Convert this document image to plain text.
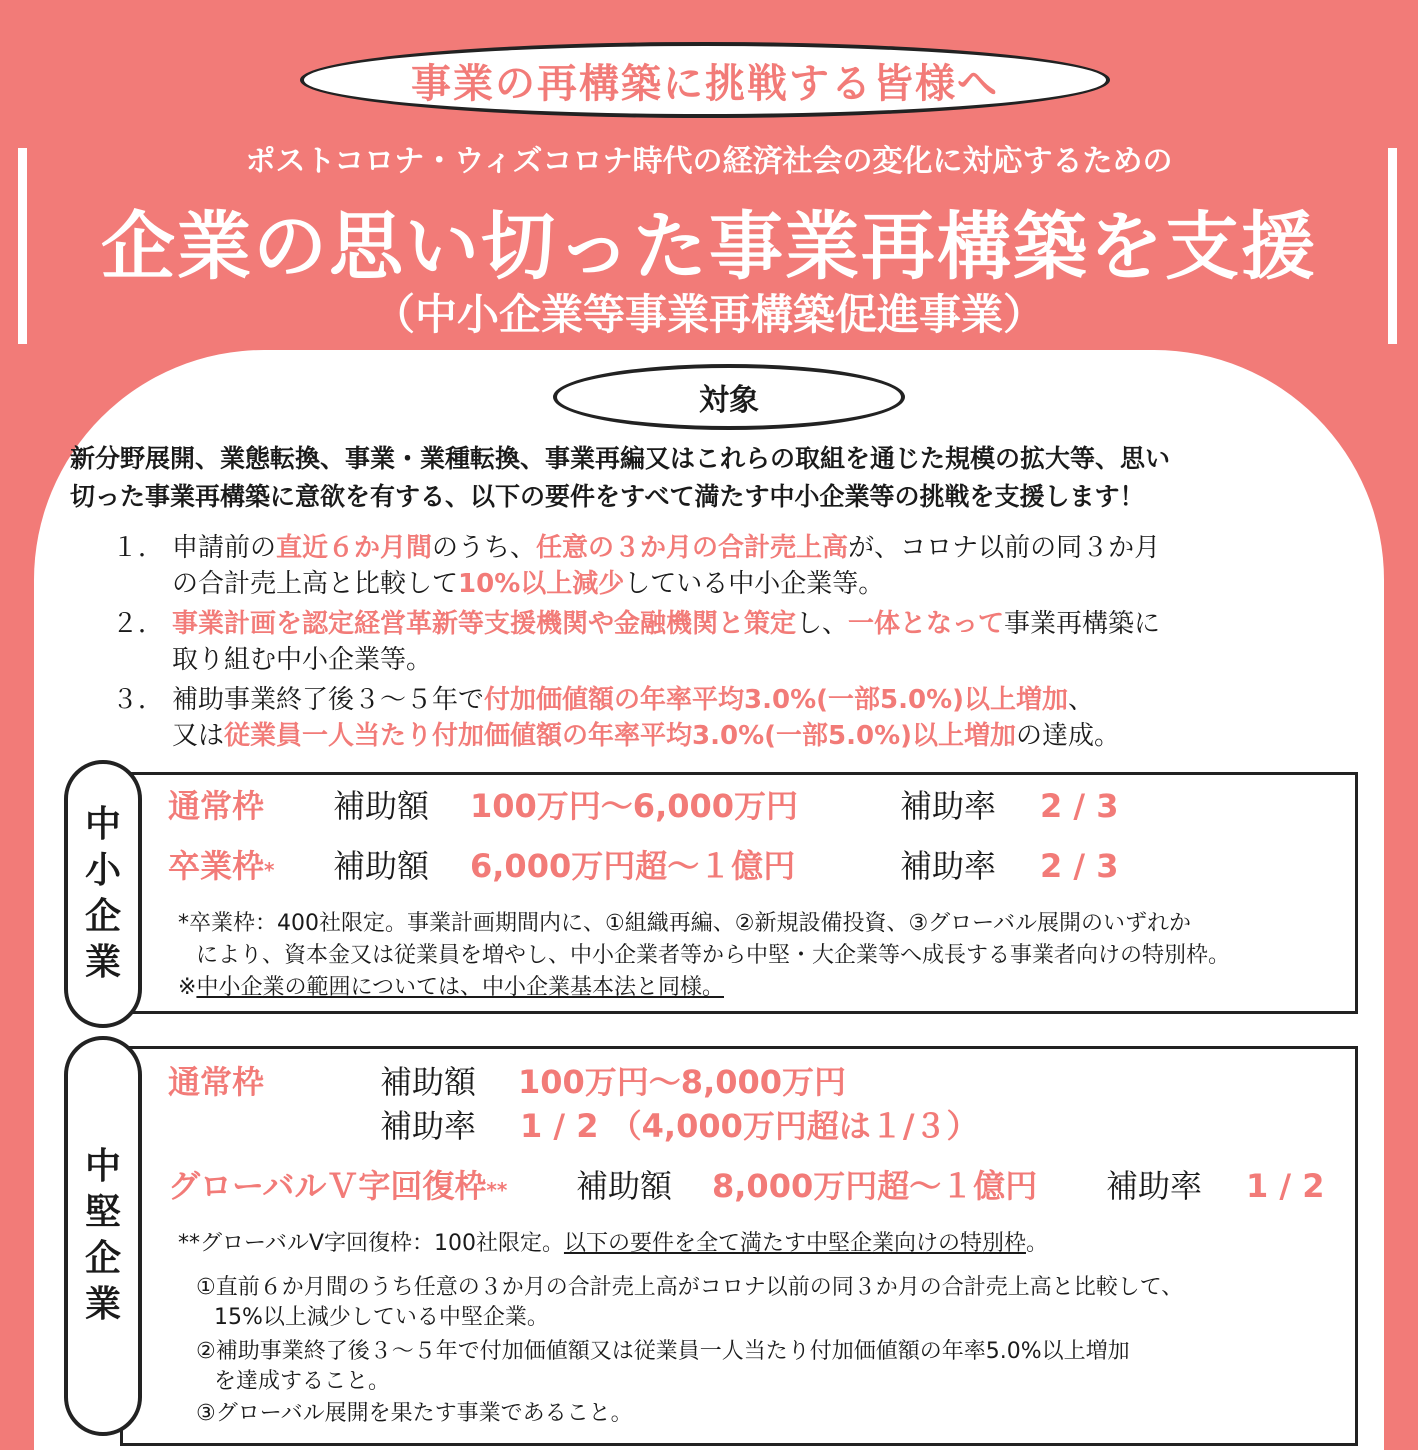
事業の再構築に挑戦する皆様へ
ポストコロナ・ウィズコロナ時代の経済社会の変化に対応するための
企業の思い切った事業再構築を支援
（中小企業等事業再構築促進事業）
対象
新分野展開、業態転換、事業・業種転換、事業再編又はこれらの取組を通じた規模の拡大等、思い
切った事業再構築に意欲を有する、以下の要件をすべて満たす中小企業等の挑戦を支援します！
１． 申請前の直近６か月間のうち、任意の３か月の合計売上高が、コロナ以前の同３か月
の合計売上高と比較して10%以上減少している中小企業等。
２． 事業計画を認定経営革新等支援機関や金融機関と策定し、一体となって事業再構築に
取り組む中小企業等。
３． 補助事業終了後３～５年で付加価値額の年率平均3.0%(一部5.0%)以上増加、
又は従業員一人当たり付加価値額の年率平均3.0%(一部5.0%)以上増加の達成。
中
小
企
業
通常枠 補助額 100万円～6,000万円	補助率 2 / 3
卒業枠* 補助額 6,000万円超～１億円	補助率 2 / 3
*卒業枠：400社限定。事業計画期間内に、①組織再編、②新規設備投資、③グローバル展開のいずれか
により、資本金又は従業員を増やし、中小企業者等から中堅・大企業等へ成長する事業者向けの特別枠。
※中小企業の範囲については、中小企業基本法と同様。
中
堅
企
業
通常枠	補助額 100万円～8,000万円
補助率 1 / 2 （4,000万円超は１/３）
グローバルＶ字回復枠** 補助額 8,000万円超～１億円 補助率 1 / 2
**グローバルV字回復枠：100社限定。以下の要件を全て満たす中堅企業向けの特別枠。
①直前６か月間のうち任意の３か月の合計売上高がコロナ以前の同３か月の合計売上高と比較して、
15%以上減少している中堅企業。
②補助事業終了後３～５年で付加価値額又は従業員一人当たり付加価値額の年率5.0%以上増加
を達成すること。
③グローバル展開を果たす事業であること。
